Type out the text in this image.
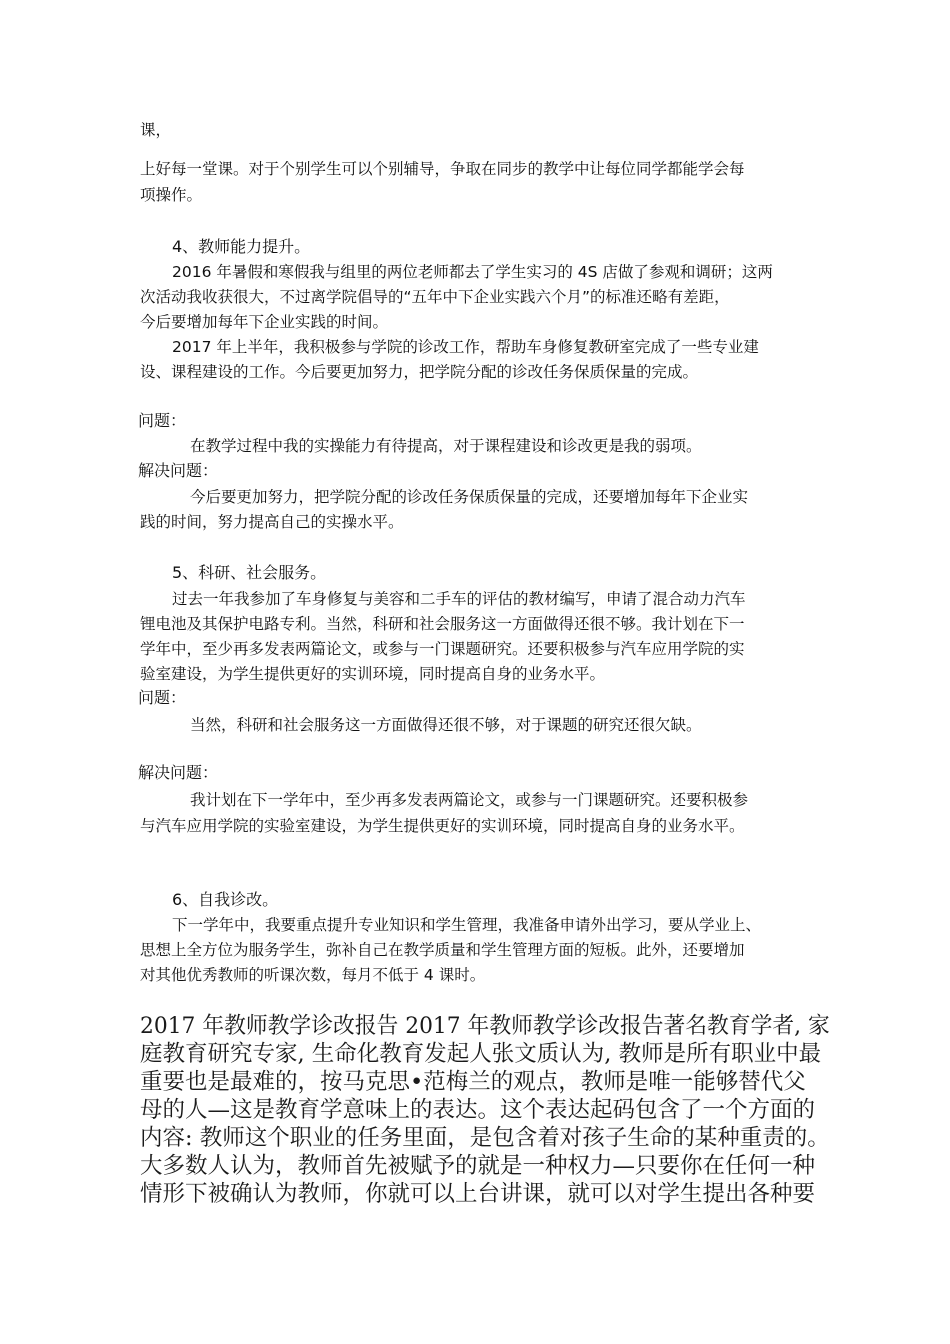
课，
上好每一堂课。对于个别学生可以个别辅导，争取在同步的教学中让每位同学都能学会每
项操作。
4、教师能力提升。
2016 年暑假和寒假我与组里的两位老师都去了学生实习的 4S 店做了参观和调研；这两
次活动我收获很大，不过离学院倡导的“五年中下企业实践六个月”的标准还略有差距，
今后要增加每年下企业实践的时间。
2017 年上半年，我积极参与学院的诊改工作，帮助车身修复教研室完成了一些专业建
设、课程建设的工作。今后要更加努力，把学院分配的诊改任务保质保量的完成。
问题：
在教学过程中我的实操能力有待提高，对于课程建设和诊改更是我的弱项。
解决问题：
今后要更加努力，把学院分配的诊改任务保质保量的完成，还要增加每年下企业实
践的时间，努力提高自己的实操水平。
5、科研、社会服务。
过去一年我参加了车身修复与美容和二手车的评估的教材编写，申请了混合动力汽车
锂电池及其保护电路专利。当然，科研和社会服务这一方面做得还很不够。我计划在下一
学年中，至少再多发表两篇论文，或参与一门课题研究。还要积极参与汽车应用学院的实
验室建设，为学生提供更好的实训环境，同时提高自身的业务水平。
问题：
当然，科研和社会服务这一方面做得还很不够，对于课题的研究还很欠缺。
解决问题：
我计划在下一学年中，至少再多发表两篇论文，或参与一门课题研究。还要积极参
与汽车应用学院的实验室建设，为学生提供更好的实训环境，同时提高自身的业务水平。
6、自我诊改。
下一学年中，我要重点提升专业知识和学生管理，我准备申请外出学习，要从学业上、
思想上全方位为服务学生，弥补自己在教学质量和学生管理方面的短板。此外，还要增加
对其他优秀教师的听课次数，每月不低于 4 课时。
2017 年教师教学诊改报告 2017 年教师教学诊改报告著名教育学者, 家
庭教育研究专家, 生命化教育发起人张文质认为, 教师是所有职业中最
重要也是最难的，按马克思•范梅兰的观点，教师是唯一能够替代父
母的人—这是教育学意味上的表达。这个表达起码包含了一个方面的
内容: 教师这个职业的任务里面，是包含着对孩子生命的某种重责的。
大多数人认为，教师首先被赋予的就是一种权力—只要你在任何一种
情形下被确认为教师，你就可以上台讲课，就可以对学生提出各种要
